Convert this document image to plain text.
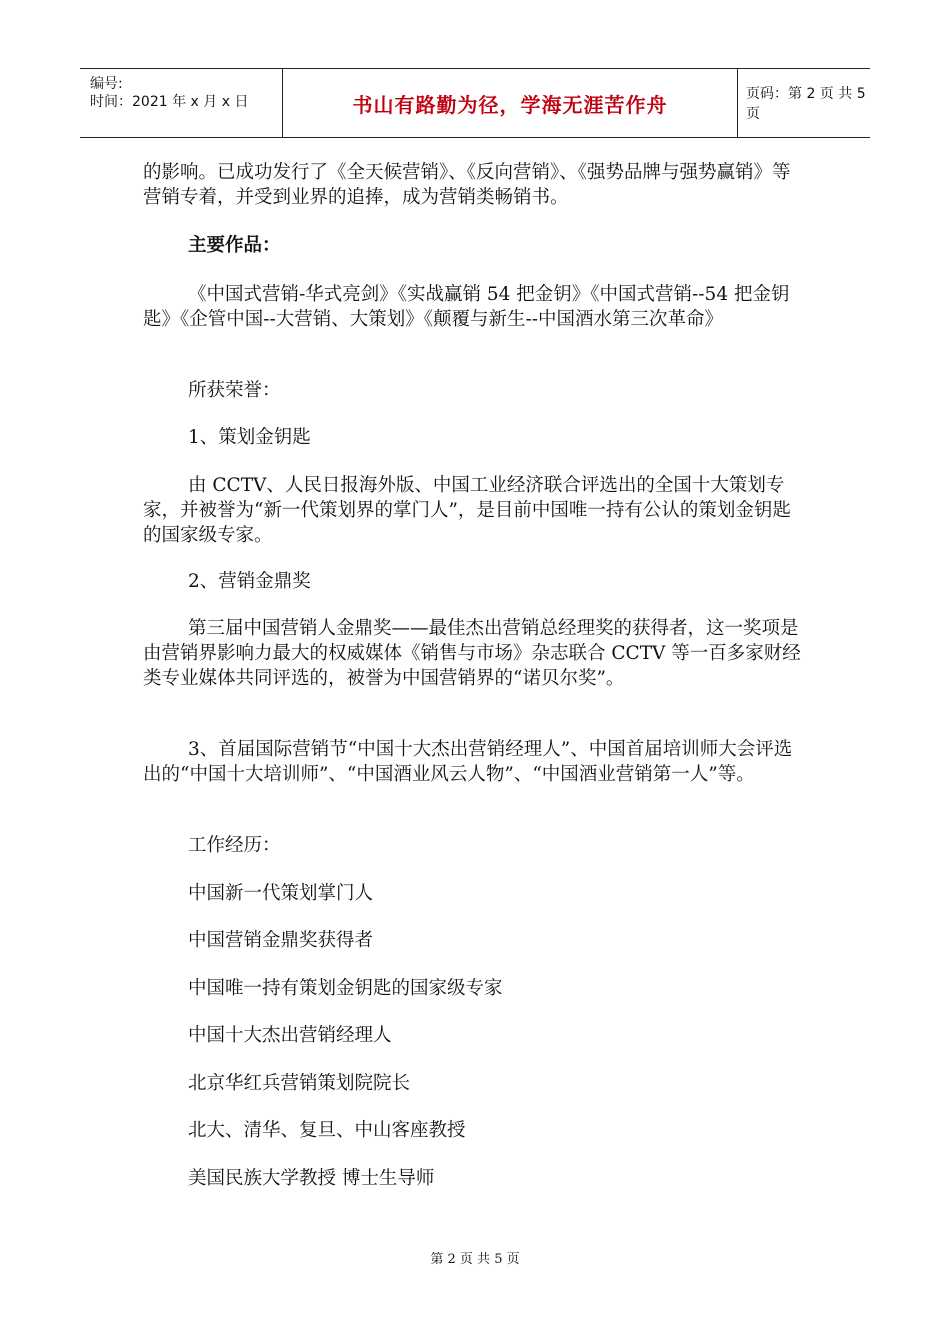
编号:
时间：2021 年 x 月 x 日	书山有路勤为径，学海无涯苦作舟	页码：第 2 页 共 5 页
的影响。已成功发行了《全天候营销》、《反向营销》、《强势品牌与强势赢销》等营销专着，并受到业界的追捧，成为营销类畅销书。
主要作品：
《中国式营销-华式亮剑》《实战赢销 54 把金钥》《中国式营销--54 把金钥匙》《企管中国--大营销、大策划》《颠覆与新生--中国酒水第三次革命》
所获荣誉：
1、策划金钥匙
由 CCTV、人民日报海外版、中国工业经济联合评选出的全国十大策划专家，并被誉为“新一代策划界的掌门人”，是目前中国唯一持有公认的策划金钥匙的国家级专家。
2、营销金鼎奖
第三届中国营销人金鼎奖——最佳杰出营销总经理奖的获得者，这一奖项是由营销界影响力最大的权威媒体《销售与市场》杂志联合 CCTV 等一百多家财经类专业媒体共同评选的，被誉为中国营销界的“诺贝尔奖”。
3、首届国际营销节“中国十大杰出营销经理人”、中国首届培训师大会评选出的“中国十大培训师”、“中国酒业风云人物”、“中国酒业营销第一人”等。
工作经历：
中国新一代策划掌门人
中国营销金鼎奖获得者
中国唯一持有策划金钥匙的国家级专家
中国十大杰出营销经理人
北京华红兵营销策划院院长
北大、清华、复旦、中山客座教授
美国民族大学教授 博士生导师
第 2 页 共 5 页
